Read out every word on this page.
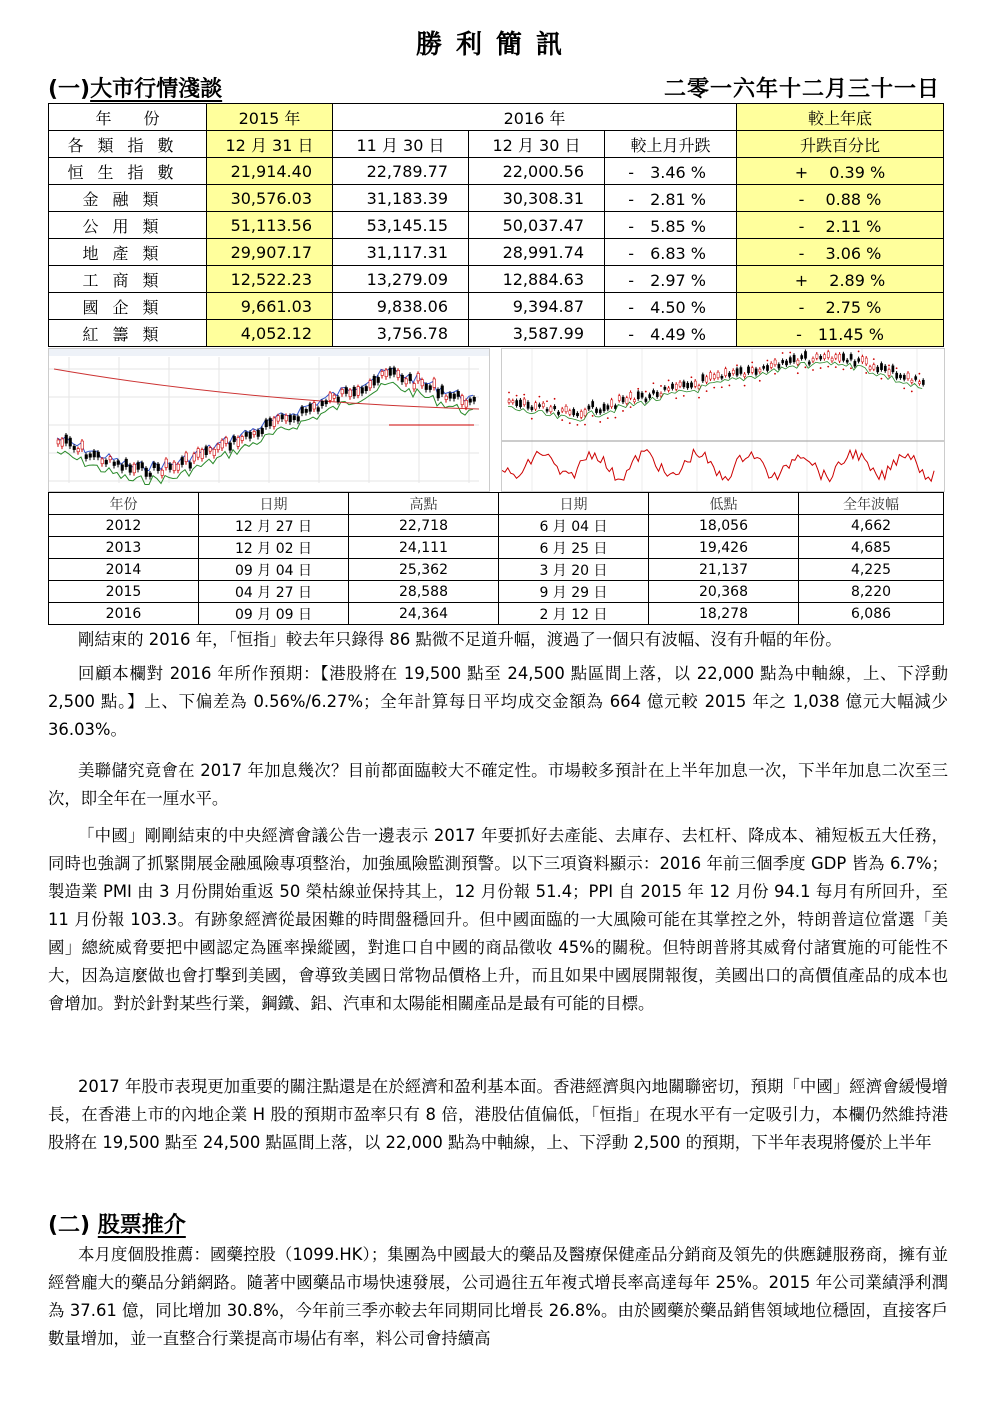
勝利簡訊
(一)大市行情淺談	二零一六年十二月三十一日
年　　份	2015 年	2016 年			較上年底
各類指數	12 月 31 日	11 月 30 日	12 月 30 日	較上月升跌	升跌百分比
恒生指數	21,914.40	22,789.77	22,000.56	-　3.46 %	+　 0.39 %
金融類	30,576.03	31,183.39	30,308.31	-　2.81 %	-　 0.88 %
公用類	51,113.56	53,145.15	50,037.47	-　5.85 %	-　 2.11 %
地產類	29,907.17	31,117.31	28,991.74	-　6.83 %	-　 3.06 %
工商類	12,522.23	13,279.09	12,884.63	-　2.97 %	+　 2.89 %
國企類	9,661.03	9,838.06	9,394.87	-　4.50 %	-　 2.75 %
紅籌類	4,052.12	3,756.78	3,587.99	-　4.49 %	-　11.45 %
年份	日期	高點	日期	低點	全年波幅
2012	12 月 27 日	22,718	6 月 04 日	18,056	4,662
2013	12 月 02 日	24,111	6 月 25 日	19,426	4,685
2014	09 月 04 日	25,362	3 月 20 日	21,137	4,225
2015	04 月 27 日	28,588	9 月 29 日	20,368	8,220
2016	09 月 09 日	24,364	2 月 12 日	18,278	6,086

剛結束的 2016 年，「恒指」較去年只錄得 86 點微不足道升幅，渡過了一個只有波幅、沒有升幅的年份。

回顧本欄對 2016 年所作預期：【港股將在 19,500 點至 24,500 點區間上落，以 22,000 點為中軸線，上、下浮動 2,500 點。】上、下偏差為 0.56%/6.27%；全年計算每日平均成交金額為 664 億元較 2015 年之 1,038 億元大幅減少 36.03%。

美聯儲究竟會在 2017 年加息幾次？目前都面臨較大不確定性。市場較多預計在上半年加息一次，下半年加息二次至三次，即全年在一厘水平。

「中國」剛剛結束的中央經濟會議公告一邊表示 2017 年要抓好去產能、去庫存、去杠杆、降成本、補短板五大任務，同時也強調了抓緊開展金融風險專項整治，加強風險監測預警。以下三項資料顯示：2016 年前三個季度 GDP 皆為 6.7%；製造業 PMI 由 3 月份開始重返 50 榮枯線並保持其上，12 月份報 51.4；PPI 自 2015 年 12 月份 94.1 每月有所回升，至 11 月份報 103.3。有跡象經濟從最困難的時間盤穩回升。但中國面臨的一大風險可能在其掌控之外，特朗普這位當選「美國」總統威脅要把中國認定為匯率操縱國，對進口自中國的商品徵收 45%的關稅。但特朗普將其威脅付諸實施的可能性不大，因為這麼做也會打擊到美國，會導致美國日常物品價格上升，而且如果中國展開報復，美國出口的高價值產品的成本也會增加。對於針對某些行業，鋼鐵、鋁、汽車和太陽能相關產品是最有可能的目標。

2017 年股市表現更加重要的關注點還是在於經濟和盈利基本面。香港經濟與內地關聯密切，預期「中國」經濟會緩慢增長，在香港上市的內地企業 H 股的預期市盈率只有 8 倍，港股估值偏低，「恒指」在現水平有一定吸引力，本欄仍然維持港股將在 19,500 點至 24,500 點區間上落，以 22,000 點為中軸線，上、下浮動 2,500 的預期，下半年表現將優於上半年

(二) 股票推介

本月度個股推薦：國藥控股（1099.HK）；集團為中國最大的藥品及醫療保健產品分銷商及領先的供應鏈服務商，擁有並經營龐大的藥品分銷網路。隨著中國藥品市場快速發展，公司過往五年複式增長率高達每年 25%。2015 年公司業績淨利潤為 37.61 億，同比增加 30.8%，今年前三季亦較去年同期同比增長 26.8%。由於國藥於藥品銷售領域地位穩固，直接客戶數量增加，並一直整合行業提高市場佔有率，料公司會持續高
